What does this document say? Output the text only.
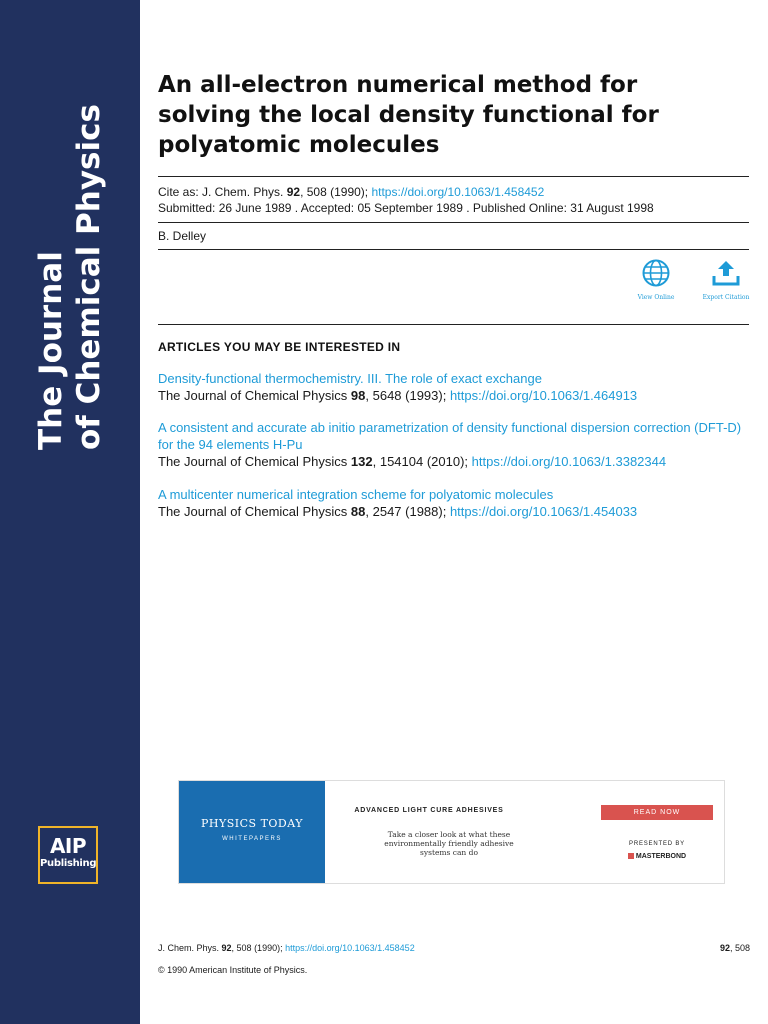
The Journal of Chemical Physics
AIP
Publishing
An all-electron numerical method for solving the local density functional for polyatomic molecules
Cite as: J. Chem. Phys. 92, 508 (1990); https://doi.org/10.1063/1.458452
Submitted: 26 June 1989 . Accepted: 05 September 1989 . Published Online: 31 August 1998
B. Delley
View Online	Export Citation
ARTICLES YOU MAY BE INTERESTED IN
Density-functional thermochemistry. III. The role of exact exchange
The Journal of Chemical Physics 98, 5648 (1993); https://doi.org/10.1063/1.464913
A consistent and accurate ab initio parametrization of density functional dispersion correction (DFT-D) for the 94 elements H-Pu
The Journal of Chemical Physics 132, 154104 (2010); https://doi.org/10.1063/1.3382344
A multicenter numerical integration scheme for polyatomic molecules
The Journal of Chemical Physics 88, 2547 (1988); https://doi.org/10.1063/1.454033
PHYSICS TODAY
WHITEPAPERS
ADVANCED LIGHT CURE ADHESIVES
Take a closer look at what these environmentally friendly adhesive systems can do
READ NOW
PRESENTED BY
MASTERBOND
J. Chem. Phys. 92, 508 (1990); https://doi.org/10.1063/1.458452	92, 508
© 1990 American Institute of Physics.
